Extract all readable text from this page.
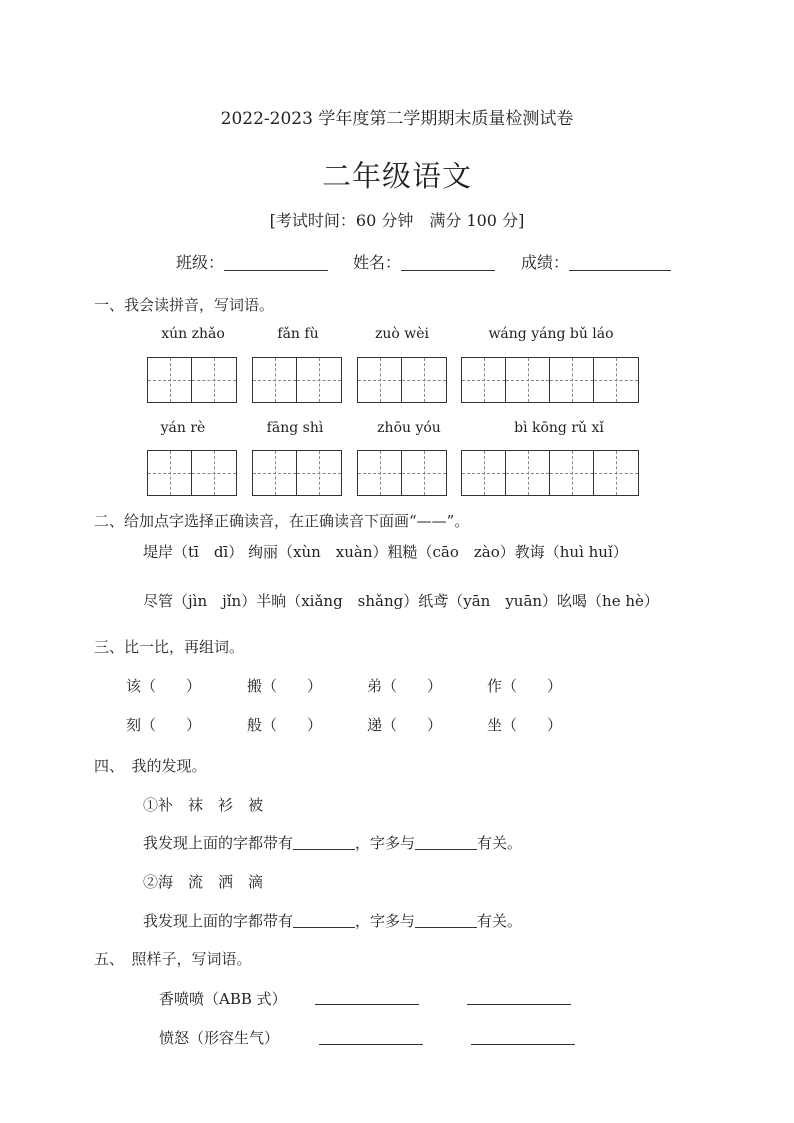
2022-2023 学年度第二学期期末质量检测试卷
二年级语文
[考试时间：60 分钟　满分 100 分]
班级：	姓名：	成绩：
一、我会读拼音，写词语。
xún zhǎo	fǎn fù	zuò wèi	wáng yáng bǔ láo
yán rè	fāng shì	zhōu yóu	bì kōng rǔ xǐ
二、给加点字选择正确读音，在正确读音下面画“——”。
堤岸（tī　dī） 绚丽（xùn　xuàn）粗糙（cāo　zào）教诲（huì huǐ）
尽管（jìn　jǐn）半晌（xiǎng　shǎng）纸鸢（yān　yuān）吆喝（he hè）
三、比一比，再组词。
该（　　）	搬（　　）	弟（　　）	作（　　）
刻（　　）	般（　　）	递（　　）	坐（　　）
四、　我的发现。
①补　袜　衫　被
我发现上面的字都带有	，字多与	有关。
②海　流　洒　滴
我发现上面的字都带有	，字多与	有关。
五、　照样子，写词语。
香喷喷（ABB 式）
愤怒（形容生气）
